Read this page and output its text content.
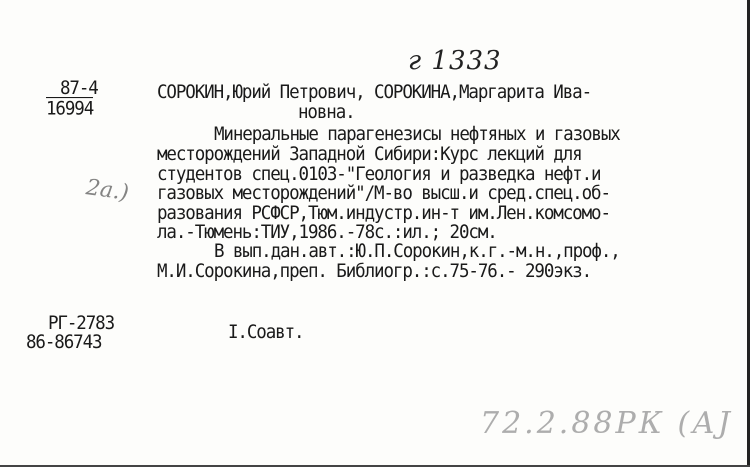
87-4
16994
г 1333
2а.)
СОРОКИН,Юрий Петрович, СОРОКИНА,Маргарита Ива-
новна.
Минеральные парагенезисы нефтяных и газовых
месторождений Западной Сибири:Курс лекций для
студентов спец.0103-"Геология и разведка нефт.и
газовых месторождений"/М-во высш.и сред.спец.об-
разования РСФСР,Тюм.индустр.ин-т им.Лен.комсомо-
ла.-Тюмень:ТИУ,1986.-78с.:ил.; 20см.
В вып.дан.авт.:Ю.П.Сорокин,к.г.-м.н.,проф.,
М.И.Сорокина,преп. Библиогр.:с.75-76.- 290экз.
РГ-2783
86-86743	I.Соавт.
72.2.88РК (АJ
